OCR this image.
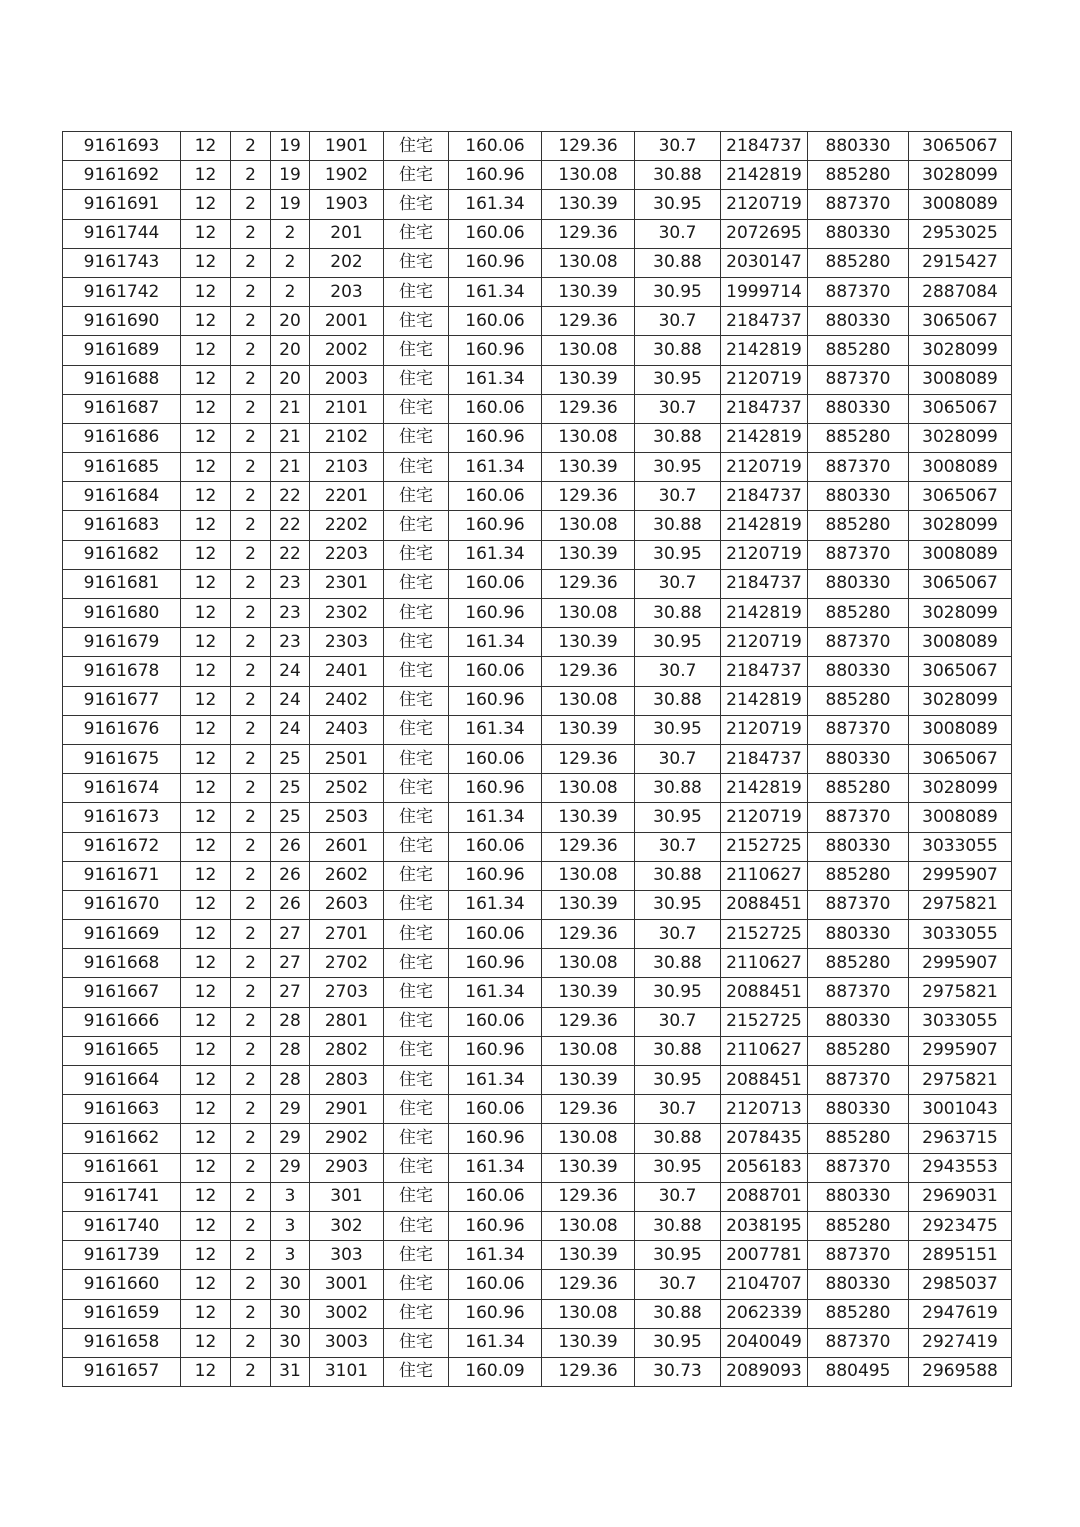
9161693	12	2	19	1901	住宅	160.06	129.36	30.7	2184737	880330	3065067
9161692	12	2	19	1902	住宅	160.96	130.08	30.88	2142819	885280	3028099
9161691	12	2	19	1903	住宅	161.34	130.39	30.95	2120719	887370	3008089
9161744	12	2	2	201	住宅	160.06	129.36	30.7	2072695	880330	2953025
9161743	12	2	2	202	住宅	160.96	130.08	30.88	2030147	885280	2915427
9161742	12	2	2	203	住宅	161.34	130.39	30.95	1999714	887370	2887084
9161690	12	2	20	2001	住宅	160.06	129.36	30.7	2184737	880330	3065067
9161689	12	2	20	2002	住宅	160.96	130.08	30.88	2142819	885280	3028099
9161688	12	2	20	2003	住宅	161.34	130.39	30.95	2120719	887370	3008089
9161687	12	2	21	2101	住宅	160.06	129.36	30.7	2184737	880330	3065067
9161686	12	2	21	2102	住宅	160.96	130.08	30.88	2142819	885280	3028099
9161685	12	2	21	2103	住宅	161.34	130.39	30.95	2120719	887370	3008089
9161684	12	2	22	2201	住宅	160.06	129.36	30.7	2184737	880330	3065067
9161683	12	2	22	2202	住宅	160.96	130.08	30.88	2142819	885280	3028099
9161682	12	2	22	2203	住宅	161.34	130.39	30.95	2120719	887370	3008089
9161681	12	2	23	2301	住宅	160.06	129.36	30.7	2184737	880330	3065067
9161680	12	2	23	2302	住宅	160.96	130.08	30.88	2142819	885280	3028099
9161679	12	2	23	2303	住宅	161.34	130.39	30.95	2120719	887370	3008089
9161678	12	2	24	2401	住宅	160.06	129.36	30.7	2184737	880330	3065067
9161677	12	2	24	2402	住宅	160.96	130.08	30.88	2142819	885280	3028099
9161676	12	2	24	2403	住宅	161.34	130.39	30.95	2120719	887370	3008089
9161675	12	2	25	2501	住宅	160.06	129.36	30.7	2184737	880330	3065067
9161674	12	2	25	2502	住宅	160.96	130.08	30.88	2142819	885280	3028099
9161673	12	2	25	2503	住宅	161.34	130.39	30.95	2120719	887370	3008089
9161672	12	2	26	2601	住宅	160.06	129.36	30.7	2152725	880330	3033055
9161671	12	2	26	2602	住宅	160.96	130.08	30.88	2110627	885280	2995907
9161670	12	2	26	2603	住宅	161.34	130.39	30.95	2088451	887370	2975821
9161669	12	2	27	2701	住宅	160.06	129.36	30.7	2152725	880330	3033055
9161668	12	2	27	2702	住宅	160.96	130.08	30.88	2110627	885280	2995907
9161667	12	2	27	2703	住宅	161.34	130.39	30.95	2088451	887370	2975821
9161666	12	2	28	2801	住宅	160.06	129.36	30.7	2152725	880330	3033055
9161665	12	2	28	2802	住宅	160.96	130.08	30.88	2110627	885280	2995907
9161664	12	2	28	2803	住宅	161.34	130.39	30.95	2088451	887370	2975821
9161663	12	2	29	2901	住宅	160.06	129.36	30.7	2120713	880330	3001043
9161662	12	2	29	2902	住宅	160.96	130.08	30.88	2078435	885280	2963715
9161661	12	2	29	2903	住宅	161.34	130.39	30.95	2056183	887370	2943553
9161741	12	2	3	301	住宅	160.06	129.36	30.7	2088701	880330	2969031
9161740	12	2	3	302	住宅	160.96	130.08	30.88	2038195	885280	2923475
9161739	12	2	3	303	住宅	161.34	130.39	30.95	2007781	887370	2895151
9161660	12	2	30	3001	住宅	160.06	129.36	30.7	2104707	880330	2985037
9161659	12	2	30	3002	住宅	160.96	130.08	30.88	2062339	885280	2947619
9161658	12	2	30	3003	住宅	161.34	130.39	30.95	2040049	887370	2927419
9161657	12	2	31	3101	住宅	160.09	129.36	30.73	2089093	880495	2969588
